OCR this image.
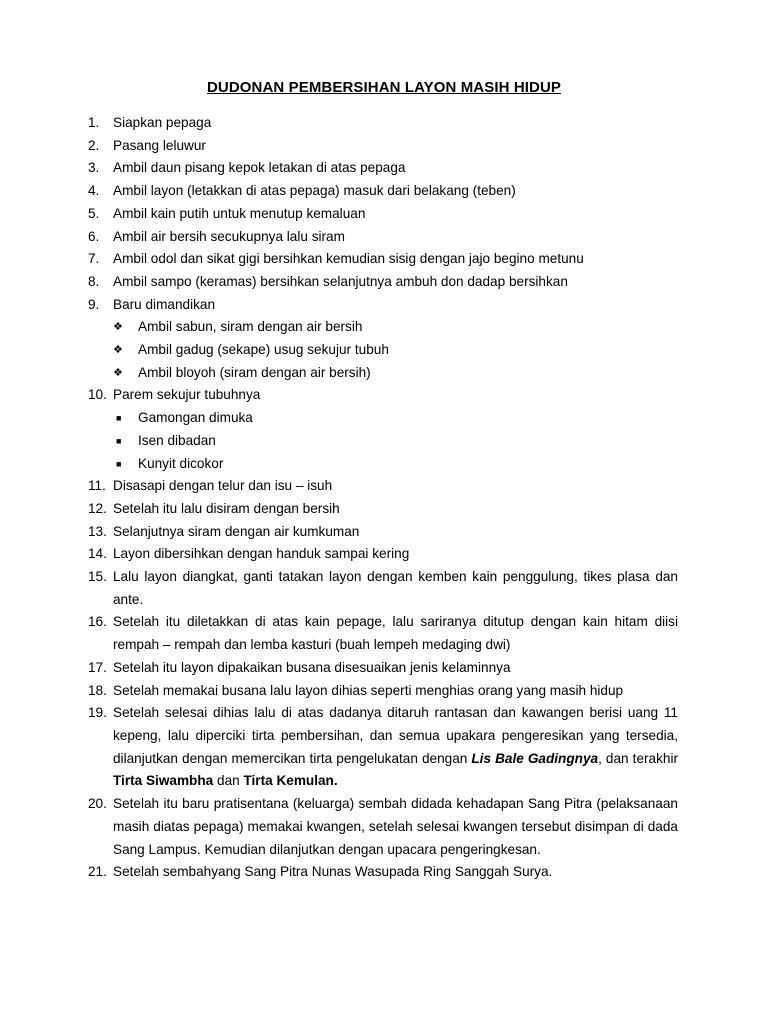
DUDONAN PEMBERSIHAN LAYON MASIH HIDUP
1.	Siapkan pepaga
2.	Pasang leluwur
3.	Ambil daun pisang kepok letakan di atas pepaga
4.	Ambil layon (letakkan di atas pepaga) masuk dari belakang (teben)
5.	Ambil kain putih untuk menutup kemaluan
6.	Ambil air bersih secukupnya lalu siram
7.	Ambil odol dan sikat gigi bersihkan kemudian sisig dengan jajo begino metunu
8.	Ambil sampo (keramas) bersihkan selanjutnya ambuh don dadap bersihkan
9.	Baru dimandikan
❖	Ambil sabun, siram dengan air bersih
❖	Ambil gadug (sekape) usug sekujur tubuh
❖	Ambil bloyoh (siram dengan air bersih)
10. Parem sekujur tubuhnya
■	Gamongan dimuka
■	Isen dibadan
■	Kunyit dicokor
11. Disasapi dengan telur dan isu – isuh
12. Setelah itu lalu disiram dengan bersih
13. Selanjutnya siram dengan air kumkuman
14. Layon dibersihkan dengan handuk sampai kering
15. Lalu layon diangkat, ganti tatakan layon dengan kemben kain penggulung, tikes plasa dan ante.
16. Setelah itu diletakkan di atas kain pepage, lalu sariranya ditutup dengan kain hitam diisi rempah – rempah dan lemba kasturi (buah lempeh medaging dwi)
17. Setelah itu layon dipakaikan busana disesuaikan jenis kelaminnya
18. Setelah memakai busana lalu layon dihias seperti menghias orang yang masih hidup
19. Setelah selesai dihias lalu di atas dadanya ditaruh rantasan dan kawangen berisi uang 11 kepeng, lalu diperciki tirta pembersihan, dan semua upakara pengeresikan yang tersedia, dilanjutkan dengan memercikan tirta pengelukatan dengan Lis Bale Gadingnya, dan terakhir Tirta Siwambha dan Tirta Kemulan.
20. Setelah itu baru pratisentana (keluarga) sembah didada kehadapan Sang Pitra (pelaksanaan masih diatas pepaga) memakai kwangen, setelah selesai kwangen tersebut disimpan di dada Sang Lampus. Kemudian dilanjutkan dengan upacara pengeringkesan.
21. Setelah sembahyang Sang Pitra Nunas Wasupada Ring Sanggah Surya.
